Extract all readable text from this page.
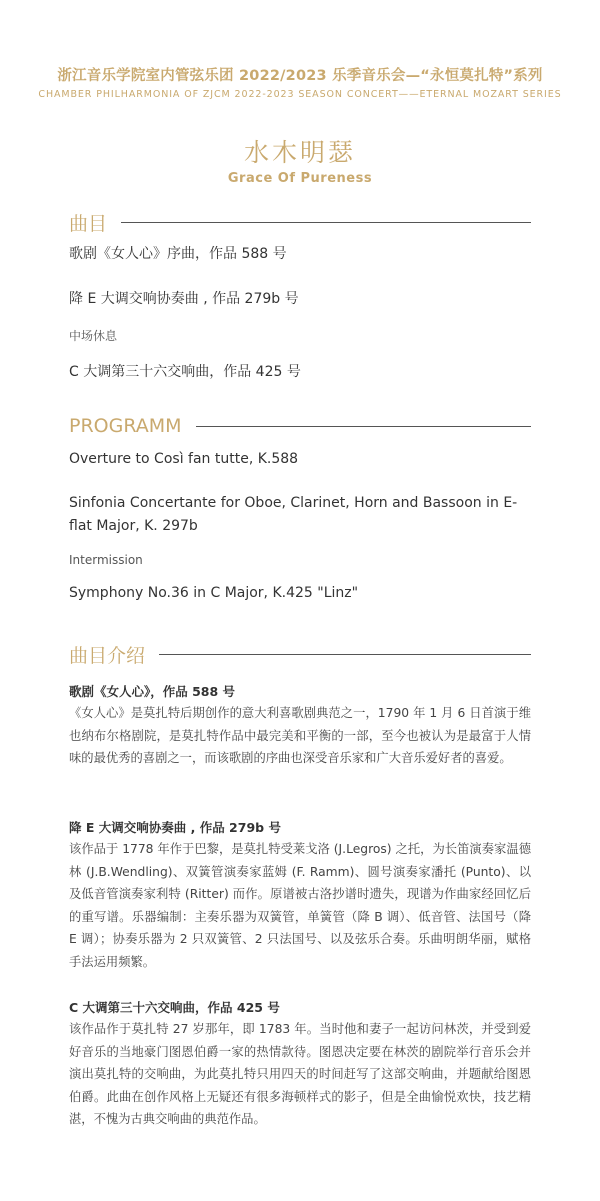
浙江音乐学院室内管弦乐团 2022/2023 乐季音乐会—“永恒莫扎特”系列
CHAMBER PHILHARMONIA OF ZJCM 2022-2023 SEASON CONCERT——ETERNAL MOZART SERIES
水木明瑟
Grace Of Pureness
曲目
歌剧《女人心》序曲，作品 588 号
降 E 大调交响协奏曲 , 作品 279b 号
中场休息
C 大调第三十六交响曲，作品 425 号
PROGRAMM
Overture to Così fan tutte, K.588
Sinfonia Concertante for Oboe, Clarinet, Horn and Bassoon in E-flat Major, K. 297b
Intermission
Symphony No.36 in C Major, K.425 "Linz"
曲目介绍
歌剧《女人心》，作品 588 号
《女人心》是莫扎特后期创作的意大利喜歌剧典范之一，1790 年 1 月 6 日首演于维也纳布尔格剧院，是莫扎特作品中最完美和平衡的一部，至今也被认为是最富于人情味的最优秀的喜剧之一，而该歌剧的序曲也深受音乐家和广大音乐爱好者的喜爱。
降 E 大调交响协奏曲 , 作品 279b 号
该作品于 1778 年作于巴黎，是莫扎特受莱戈洛 (J.Legros) 之托，为长笛演奏家温德林 (J.B.Wendling)、双簧管演奏家蓝姆 (F. Ramm)、圆号演奏家潘托 (Punto)、以及低音管演奏家利特 (Ritter) 而作。原谱被古洛抄谱时遗失，现谱为作曲家经回忆后的重写谱。乐器编制：主奏乐器为双簧管，单簧管（降 B 调）、低音管、法国号（降 E 调）；协奏乐器为 2 只双簧管、2 只法国号、以及弦乐合奏。乐曲明朗华丽，赋格手法运用频繁。
C 大调第三十六交响曲，作品 425 号
该作品作于莫扎特 27 岁那年，即 1783 年。当时他和妻子一起访问林茨，并受到爱好音乐的当地豪门图恩伯爵一家的热情款待。图恩决定要在林茨的剧院举行音乐会并演出莫扎特的交响曲，为此莫扎特只用四天的时间赶写了这部交响曲，并题献给图恩伯爵。此曲在创作风格上无疑还有很多海顿样式的影子，但是全曲愉悦欢快，技艺精湛，不愧为古典交响曲的典范作品。
